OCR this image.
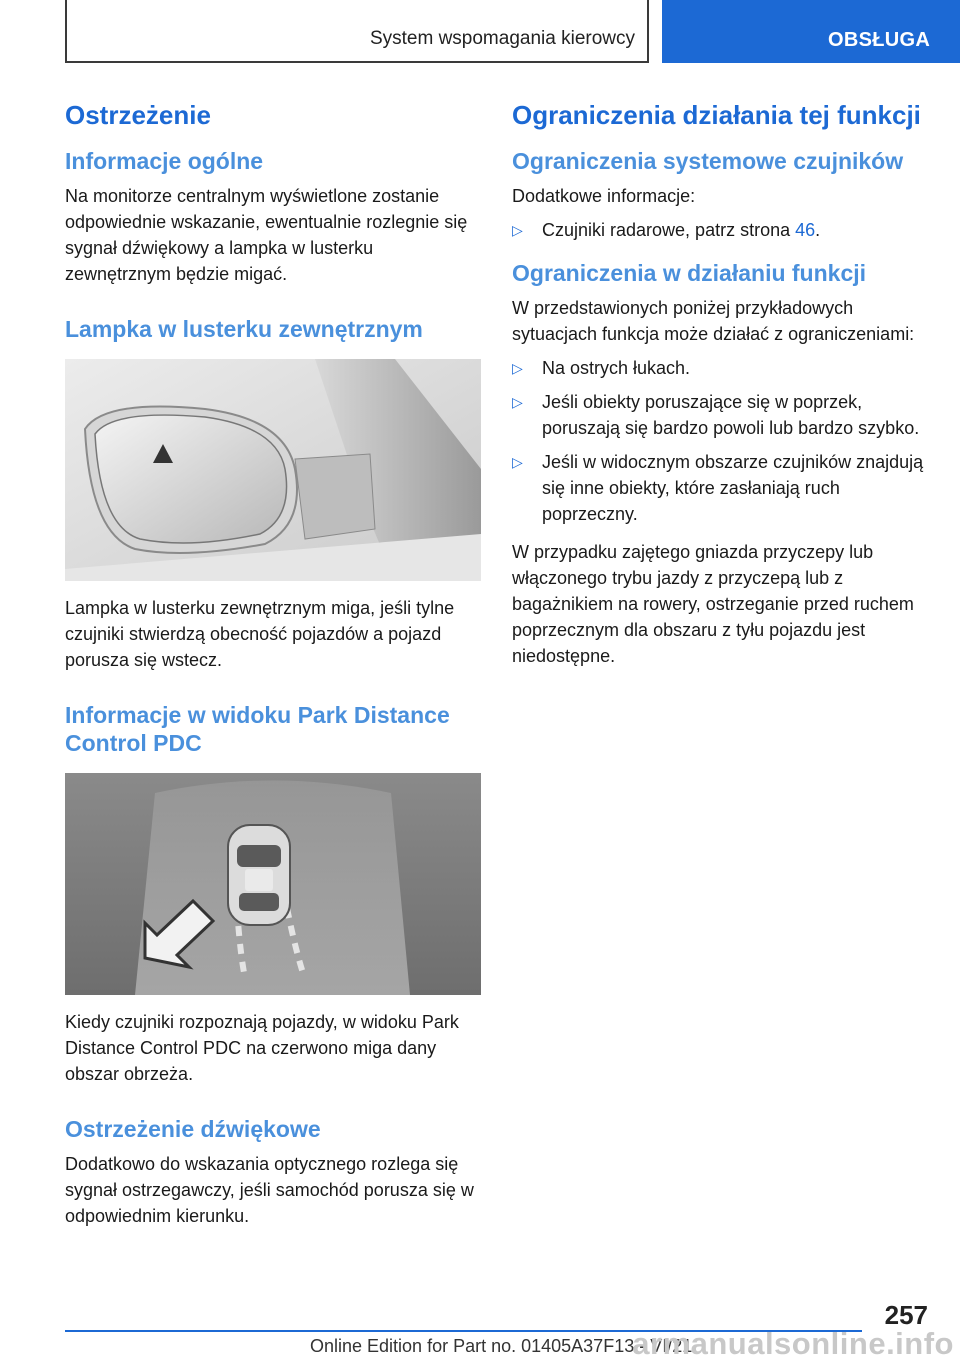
System wspomagania kierowcy	OBSŁUGA
Ostrzeżenie
Informacje ogólne

Na monitorze centralnym wyświetlone zostanie odpowiednie wskazanie, ewentualnie rozlegnie się sygnał dźwiękowy a lampka w lusterku zewnętrznym będzie migać.

Lampka w lusterku zewnętrznym

Lampka w lusterku zewnętrznym miga, jeśli tylne czujniki stwierdzą obecność pojazdów a pojazd porusza się wstecz.

Informacje w widoku Park Distance Control PDC

Kiedy czujniki rozpoznają pojazdy, w widoku Park Distance Control PDC na czerwono miga dany obszar obrzeża.

Ostrzeżenie dźwiękowe

Dodatkowo do wskazania optycznego rozlega się sygnał ostrzegawczy, jeśli samochód porusza się w odpowiednim kierunku.

Ograniczenia działania tej funkcji
Ograniczenia systemowe czujników

Dodatkowe informacje:

▷ Czujniki radarowe, patrz strona 46.
Ograniczenia w działaniu funkcji

W przedstawionych poniżej przykładowych sytuacjach funkcja może działać z ograniczeniami:

▷ Na ostrych łukach.
▷ Jeśli obiekty poruszające się w poprzek, poruszają się bardzo powoli lub bardzo szybko.
▷ Jeśli w widocznym obszarze czujników znajdują się inne obiekty, które zasłaniają ruch poprzeczny.

W przypadku zajętego gniazda przyczepy lub włączonego trybu jazdy z przyczepą lub z bagażnikiem na rowery, ostrzeganie przed ruchem poprzecznym dla obszaru z tyłu pojazdu jest niedostępne.

257
Online Edition for Part no. 01405A37F13 - VI/21
armanualsonline.info
